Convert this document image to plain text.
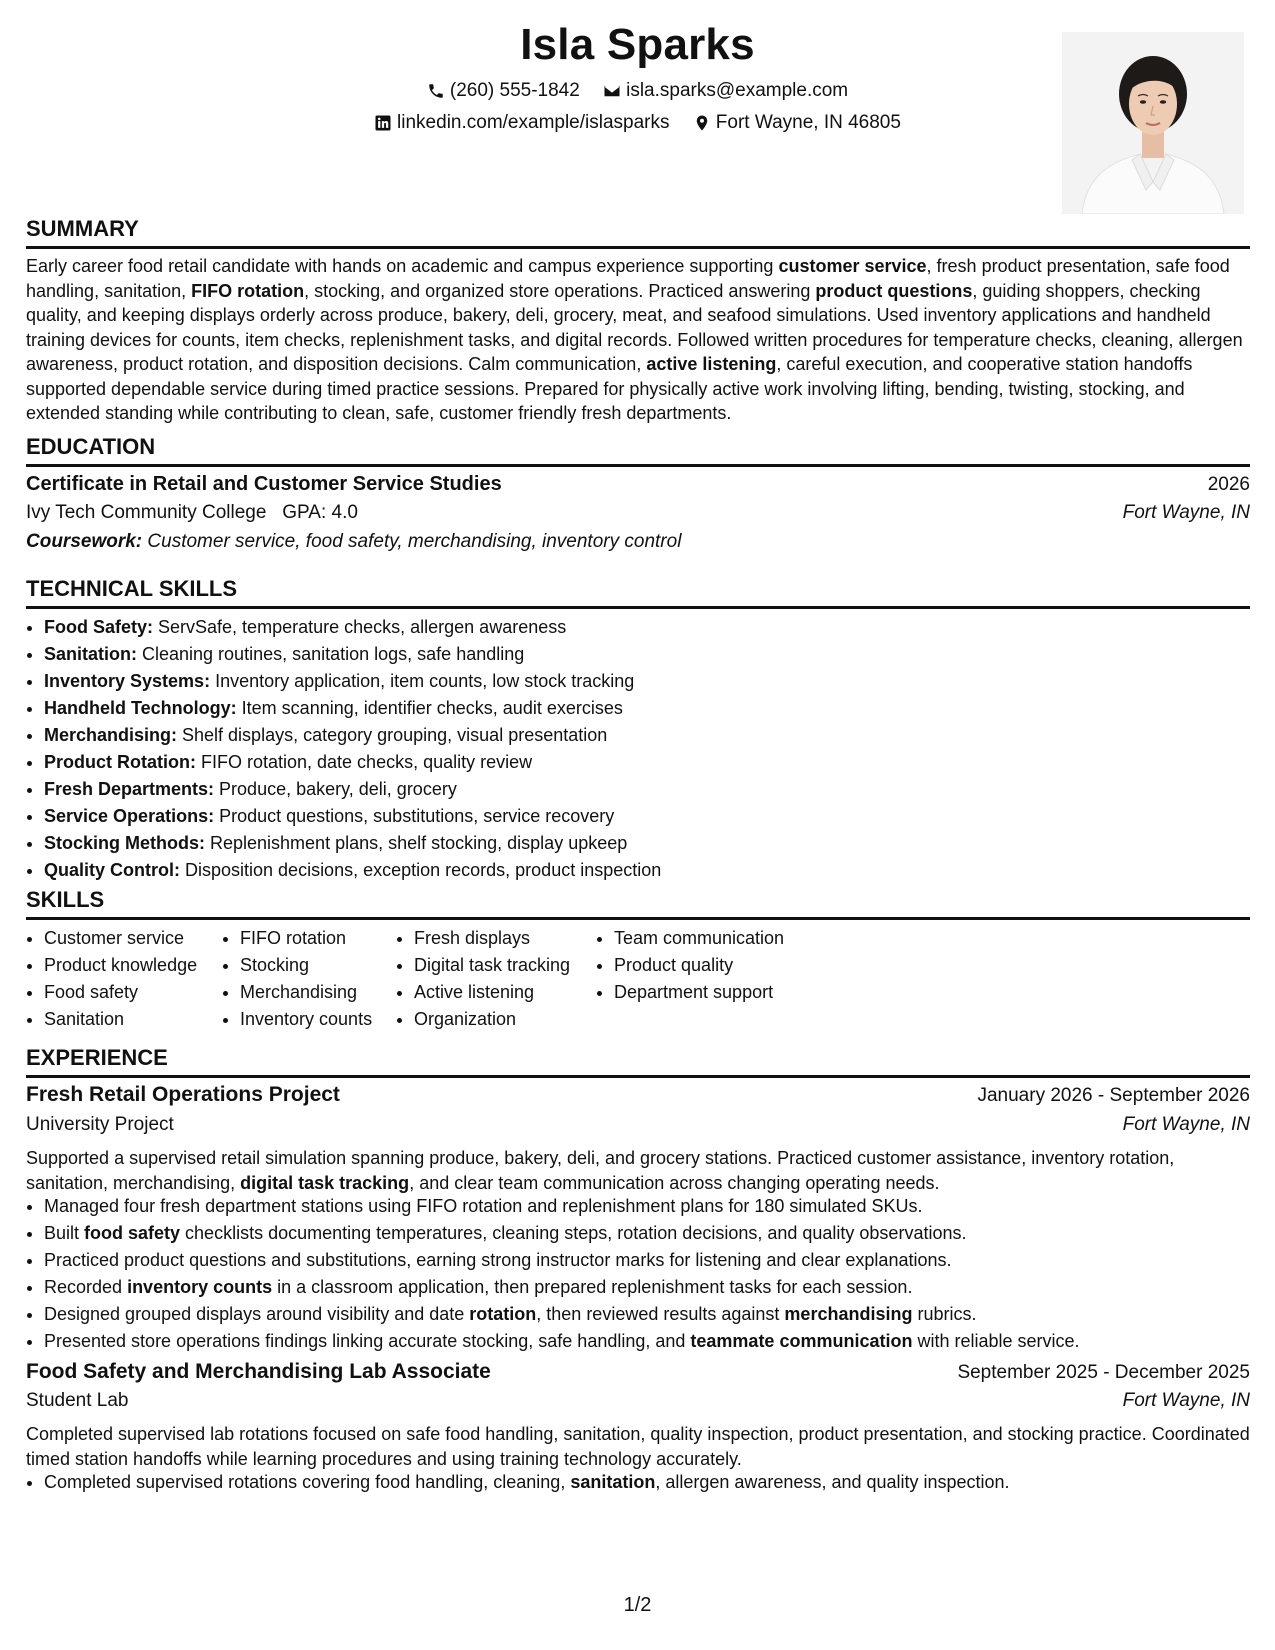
Isla Sparks
(260) 555-1842
isla.sparks@example.com
linkedin.com/example/islasparks
Fort Wayne, IN 46805
SUMMARY
Early career food retail candidate with hands on academic and campus experience supporting customer service, fresh product presentation, safe food handling, sanitation, FIFO rotation, stocking, and organized store operations. Practiced answering product questions, guiding shoppers, checking quality, and keeping displays orderly across produce, bakery, deli, grocery, meat, and seafood simulations. Used inventory applications and handheld training devices for counts, item checks, replenishment tasks, and digital records. Followed written procedures for temperature checks, cleaning, allergen awareness, product rotation, and disposition decisions. Calm communication, active listening, careful execution, and cooperative station handoffs supported dependable service during timed practice sessions. Prepared for physically active work involving lifting, bending, twisting, stocking, and extended standing while contributing to clean, safe, customer friendly fresh departments.
EDUCATION
Certificate in Retail and Customer Service Studies	2026
Ivy Tech Community College GPA: 4.0	Fort Wayne, IN
Coursework: Customer service, food safety, merchandising, inventory control
TECHNICAL SKILLS
• Food Safety: ServSafe, temperature checks, allergen awareness
• Sanitation: Cleaning routines, sanitation logs, safe handling
• Inventory Systems: Inventory application, item counts, low stock tracking
• Handheld Technology: Item scanning, identifier checks, audit exercises
• Merchandising: Shelf displays, category grouping, visual presentation
• Product Rotation: FIFO rotation, date checks, quality review
• Fresh Departments: Produce, bakery, deli, grocery
• Service Operations: Product questions, substitutions, service recovery
• Stocking Methods: Replenishment plans, shelf stocking, display upkeep
• Quality Control: Disposition decisions, exception records, product inspection
SKILLS
• Customer service
• Product knowledge
• Food safety
• Sanitation
• FIFO rotation
• Stocking
• Merchandising
• Inventory counts
• Fresh displays
• Digital task tracking
• Active listening
• Organization
• Team communication
• Product quality
• Department support
EXPERIENCE
Fresh Retail Operations Project	January 2026 - September 2026
University Project	Fort Wayne, IN
Supported a supervised retail simulation spanning produce, bakery, deli, and grocery stations. Practiced customer assistance, inventory rotation, sanitation, merchandising, digital task tracking, and clear team communication across changing operating needs.
• Managed four fresh department stations using FIFO rotation and replenishment plans for 180 simulated SKUs.
• Built food safety checklists documenting temperatures, cleaning steps, rotation decisions, and quality observations.
• Practiced product questions and substitutions, earning strong instructor marks for listening and clear explanations.
• Recorded inventory counts in a classroom application, then prepared replenishment tasks for each session.
• Designed grouped displays around visibility and date rotation, then reviewed results against merchandising rubrics.
• Presented store operations findings linking accurate stocking, safe handling, and teammate communication with reliable service.
Food Safety and Merchandising Lab Associate	September 2025 - December 2025
Student Lab	Fort Wayne, IN
Completed supervised lab rotations focused on safe food handling, sanitation, quality inspection, product presentation, and stocking practice. Coordinated timed station handoffs while learning procedures and using training technology accurately.
• Completed supervised rotations covering food handling, cleaning, sanitation, allergen awareness, and quality inspection.
1/2
